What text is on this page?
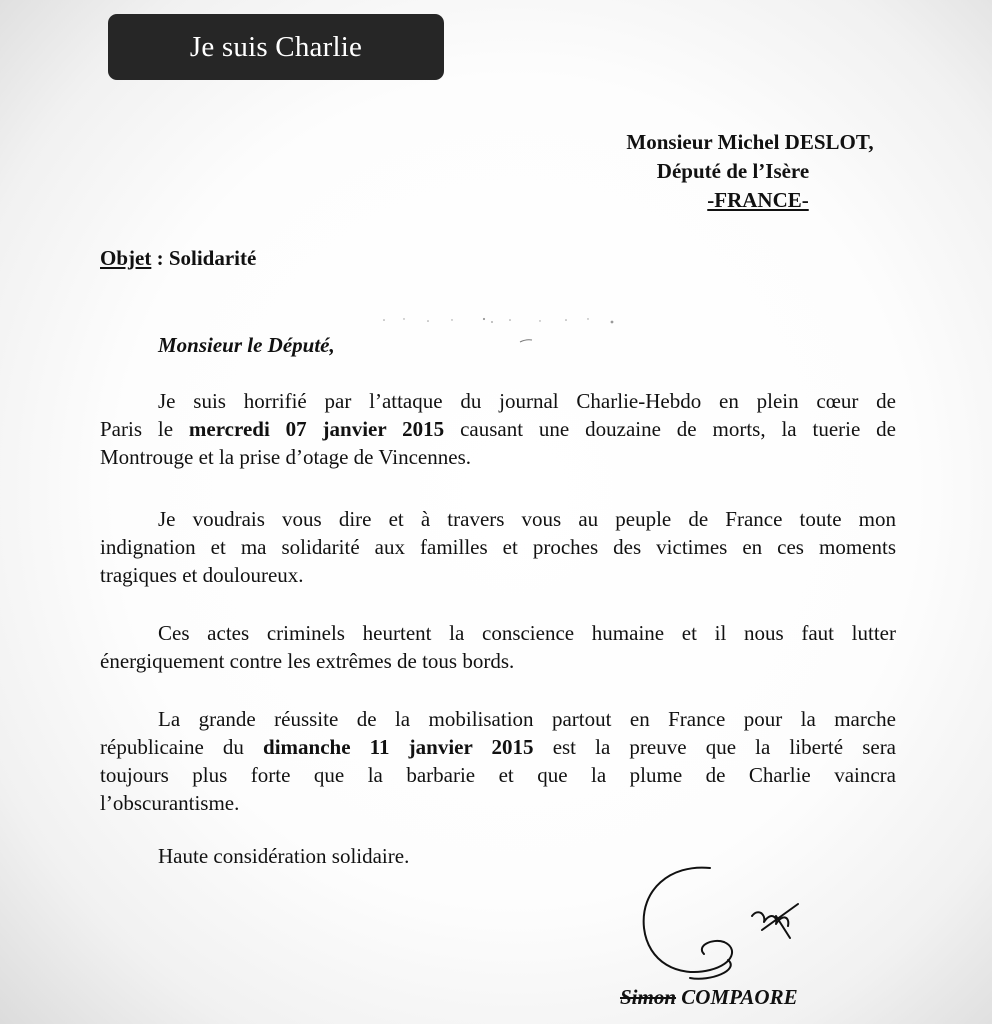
Je suis Charlie
Monsieur Michel DESLOT,
Député de l’Isère
-FRANCE-
Objet : Solidarité
Monsieur le Député,
Je suis horrifié par l’attaque du journal Charlie-Hebdo en plein cœur de
Paris le mercredi 07 janvier 2015 causant une douzaine de morts, la tuerie de
Montrouge et la prise d’otage de Vincennes.
Je voudrais vous dire et à travers vous au peuple de France toute mon
indignation et ma solidarité aux familles et proches des victimes en ces moments
tragiques et douloureux.
Ces actes criminels heurtent la conscience humaine et il nous faut lutter
énergiquement contre les extrêmes de tous bords.
La grande réussite de la mobilisation partout en France pour la marche
républicaine du dimanche 11 janvier 2015 est la preuve que la liberté sera
toujours plus forte que la barbarie et que la plume de Charlie vaincra
l’obscurantisme.
Haute considération solidaire.
Simon COMPAORE
